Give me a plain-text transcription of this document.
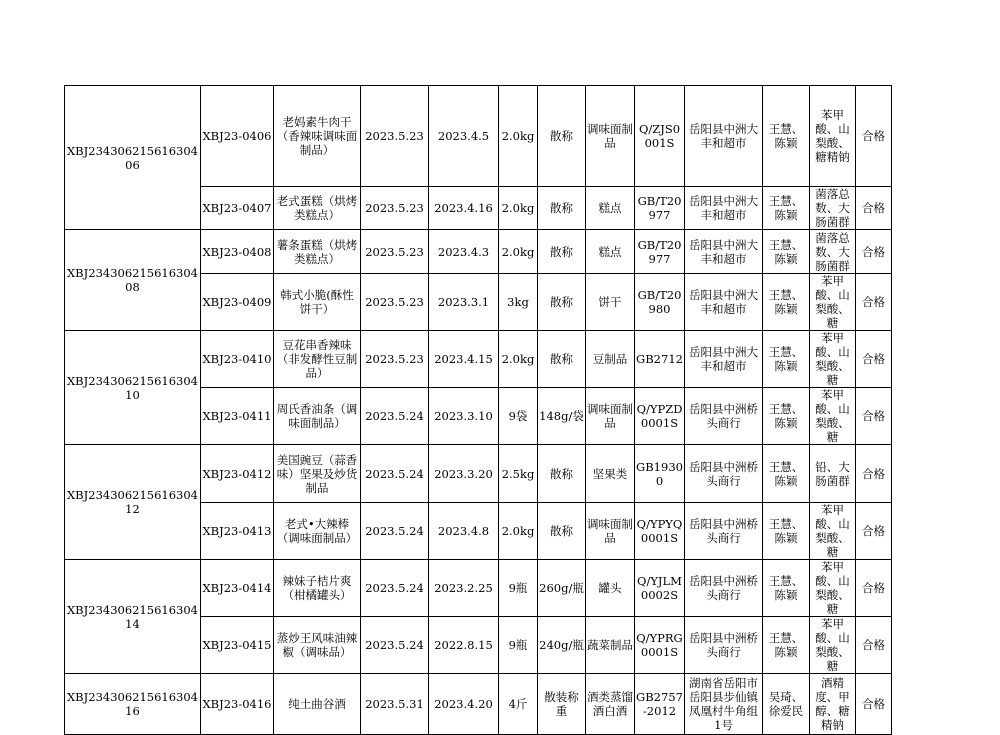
XBJ23430621561630406	XBJ23-0406	老妈素牛肉干（香辣味调味面制品）	2023.5.23	2023.4.5	2.0kg	散称	调味面制品	Q/ZJS0001S	岳阳县中洲大丰和超市	王慧、陈颖	苯甲酸、山梨酸、糖精钠	合格
	XBJ23-0407	老式蛋糕（烘烤类糕点）	2023.5.23	2023.4.16	2.0kg	散称	糕点	GB/T20977	岳阳县中洲大丰和超市	王慧、陈颖	菌落总数、大肠菌群	合格
XBJ23430621561630408	XBJ23-0408	薯条蛋糕（烘烤类糕点）	2023.5.23	2023.4.3	2.0kg	散称	糕点	GB/T20977	岳阳县中洲大丰和超市	王慧、陈颖	菌落总数、大肠菌群	合格
	XBJ23-0409	韩式小脆(酥性饼干）	2023.5.23	2023.3.1	3kg	散称	饼干	GB/T20980	岳阳县中洲大丰和超市	王慧、陈颖	苯甲酸、山梨酸、糖	合格
XBJ23430621561630410	XBJ23-0410	豆花串香辣味（非发酵性豆制品）	2023.5.23	2023.4.15	2.0kg	散称	豆制品	GB2712	岳阳县中洲大丰和超市	王慧、陈颖	苯甲酸、山梨酸、糖	合格
	XBJ23-0411	周氏香油条（调味面制品）	2023.5.24	2023.3.10	9袋	148g/袋	调味面制品	Q/YPZD0001S	岳阳县中洲桥头商行	王慧、陈颖	苯甲酸、山梨酸、糖	合格
XBJ23430621561630412	XBJ23-0412	美国豌豆（蒜香味）坚果及炒货制品	2023.5.24	2023.3.20	2.5kg	散称	坚果类	GB19300	岳阳县中洲桥头商行	王慧、陈颖	铅、大肠菌群	合格
	XBJ23-0413	老式•大辣棒（调味面制品）	2023.5.24	2023.4.8	2.0kg	散称	调味面制品	Q/YPYQ0001S	岳阳县中洲桥头商行	王慧、陈颖	苯甲酸、山梨酸、糖	合格
XBJ23430621561630414	XBJ23-0414	辣妹子桔片爽（柑橘罐头）	2023.5.24	2023.2.25	9瓶	260g/瓶	罐头	Q/YJLM0002S	岳阳县中洲桥头商行	王慧、陈颖	苯甲酸、山梨酸、糖	合格
	XBJ23-0415	蒸炒王风味油辣椒（调味品）	2023.5.24	2022.8.15	9瓶	240g/瓶	蔬菜制品	Q/YPRG0001S	岳阳县中洲桥头商行	王慧、陈颖	苯甲酸、山梨酸、糖	合格
XBJ23430621561630416	XBJ23-0416	纯土曲谷酒	2023.5.31	2023.4.20	4斤	散装称重	酒类蒸馏酒白酒	GB2757-2012	湖南省岳阳市岳阳县步仙镇凤凰村牛角组1号	吴琦、徐爱民	酒精度、甲醇、糖精钠	合格
